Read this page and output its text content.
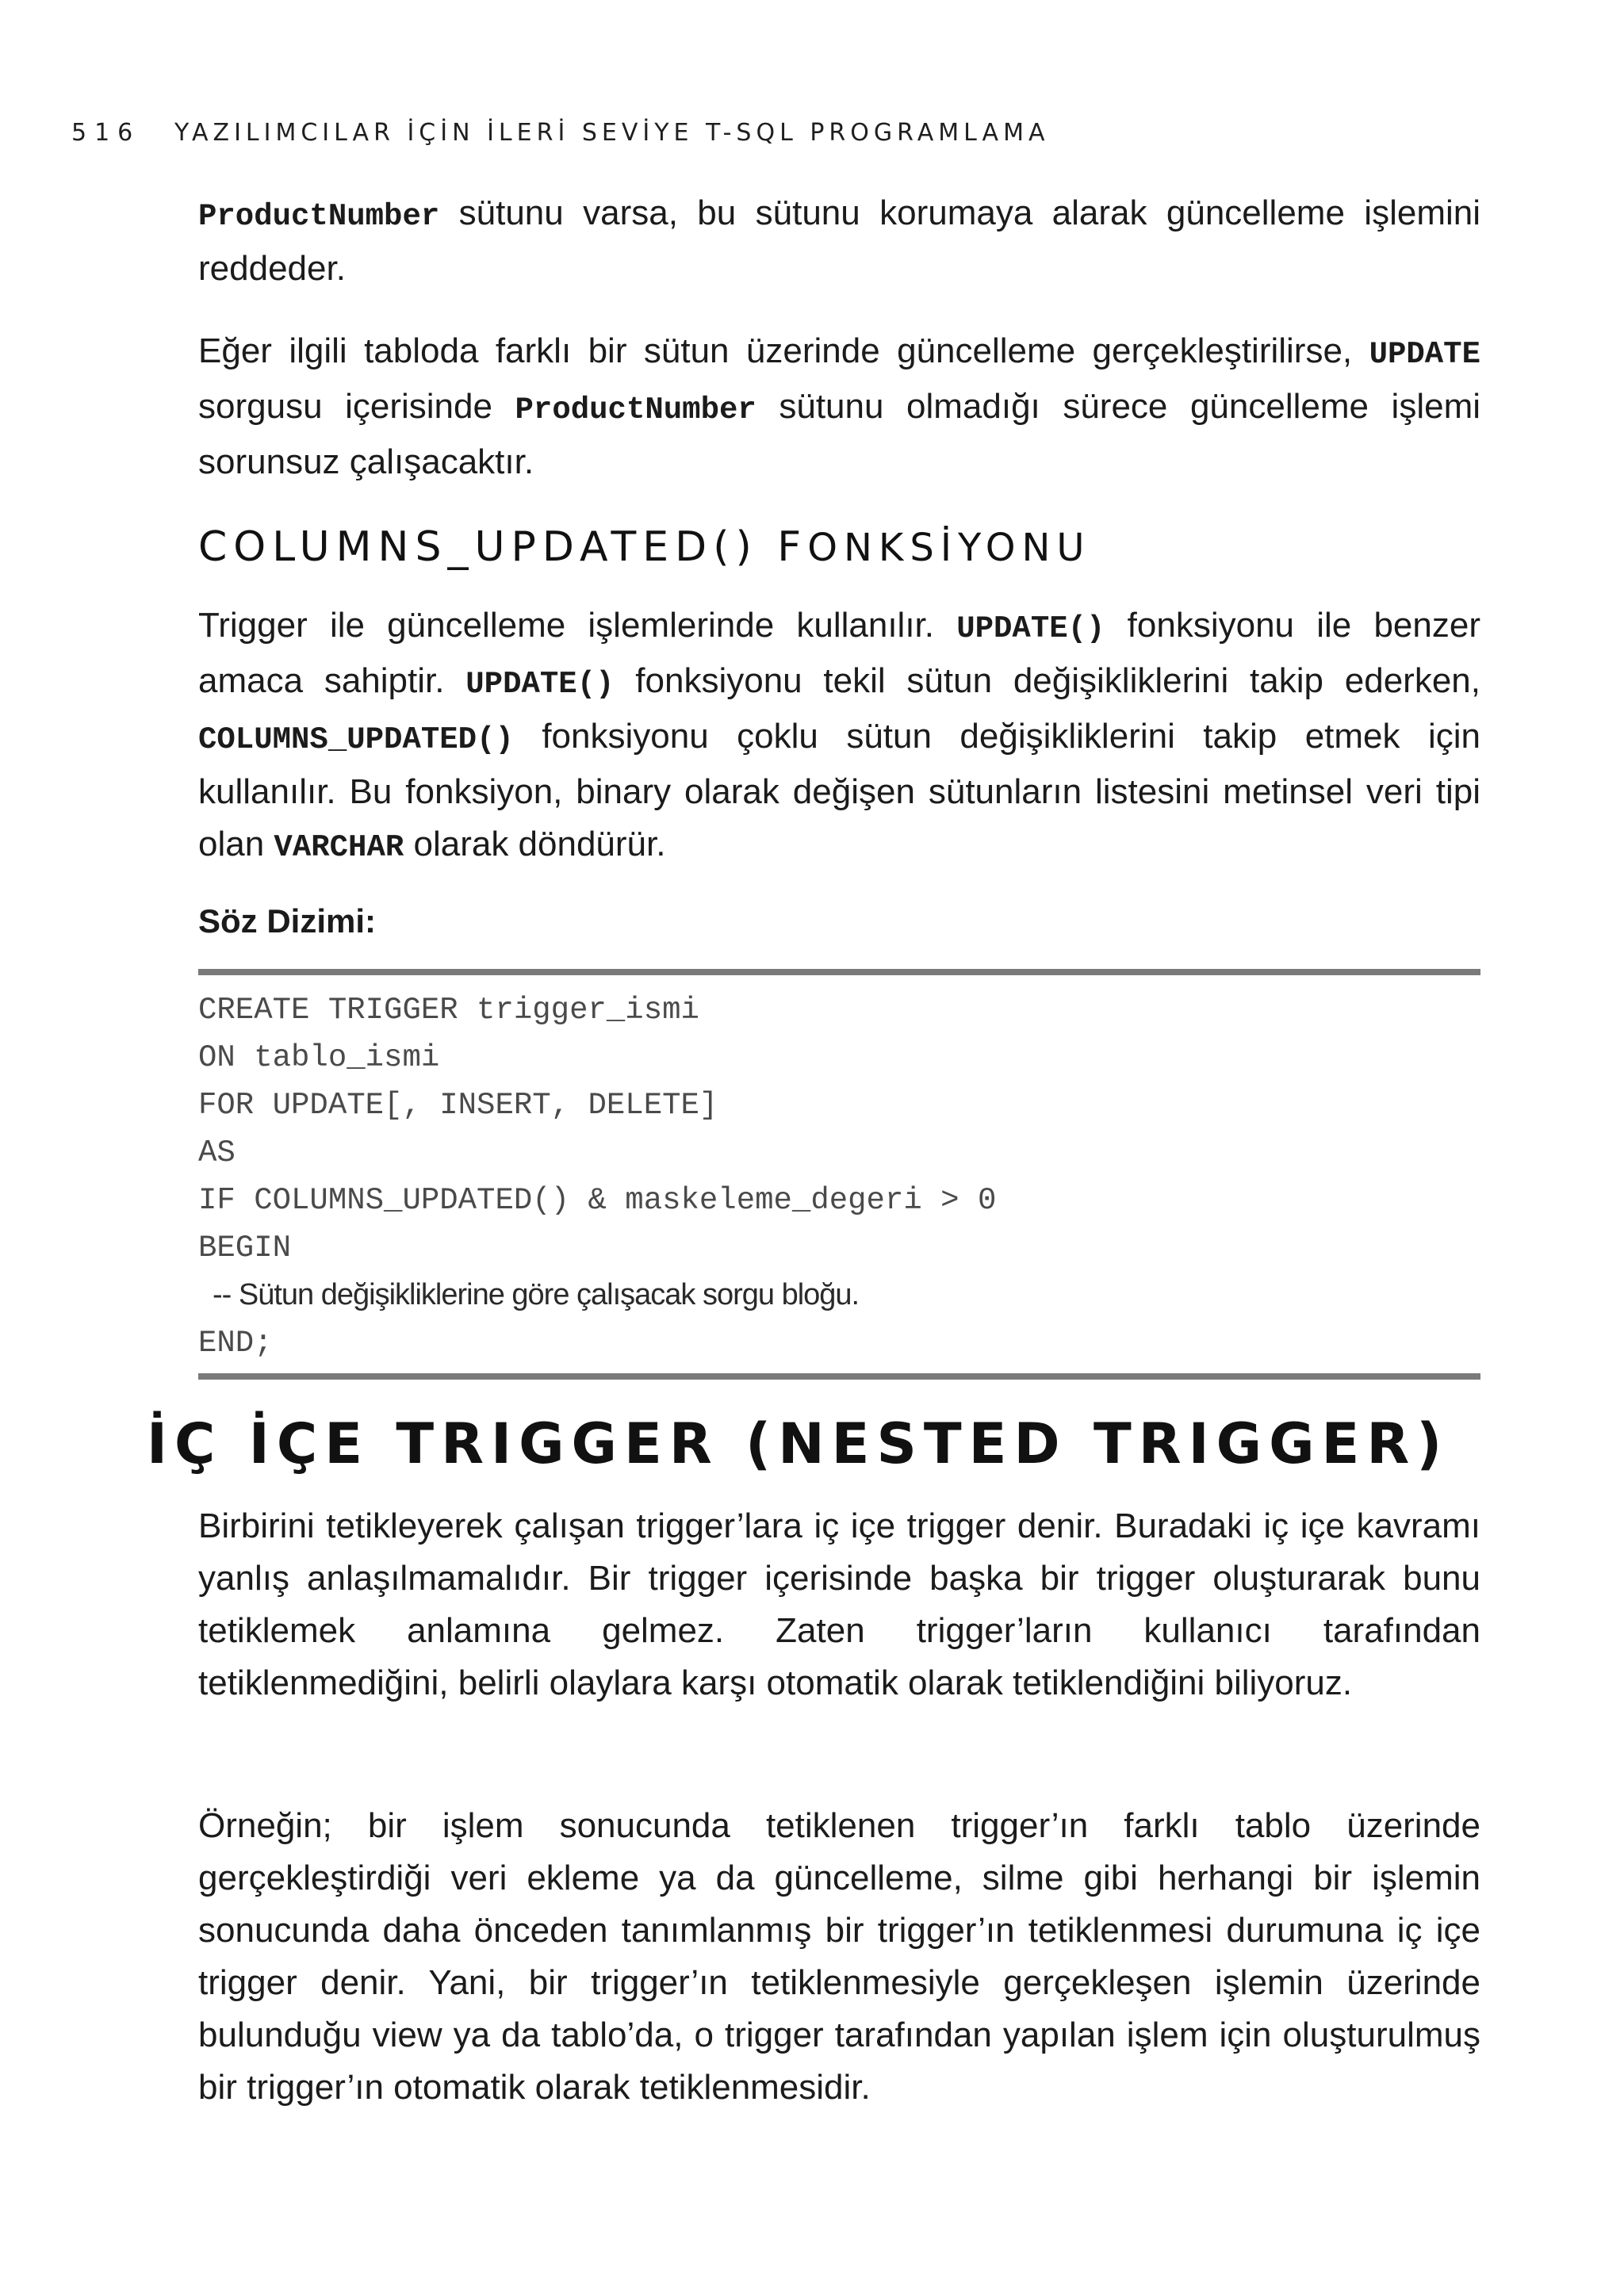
516 YAZILIMCILAR İÇİN İLERİ SEVİYE T-SQL PROGRAMLAMA

ProductNumber sütunu varsa, bu sütunu korumaya alarak güncelleme işlemini reddeder.

Eğer ilgili tabloda farklı bir sütun üzerinde güncelleme gerçekleştirilirse, UPDATE sorgusu içerisinde ProductNumber sütunu olmadığı sürece güncelleme işlemi sorunsuz çalışacaktır.

COLUMNS_UPDATED() FONKSİYONU

Trigger ile güncelleme işlemlerinde kullanılır. UPDATE() fonksiyonu ile benzer amaca sahiptir. UPDATE() fonksiyonu tekil sütun değişikliklerini takip ederken, COLUMNS_UPDATED() fonksiyonu çoklu sütun değişikliklerini takip etmek için kullanılır. Bu fonksiyon, binary olarak değişen sütunların listesini metinsel veri tipi olan VARCHAR olarak döndürür.

Söz Dizimi:
CREATE TRIGGER trigger_ismi
ON tablo_ismi
FOR UPDATE[, INSERT, DELETE]
AS
IF COLUMNS_UPDATED() & maskeleme_degeri > 0
BEGIN
-- Sütun değişikliklerine göre çalışacak sorgu bloğu.
END;
İÇ İÇE TRIGGER (NESTED TRIGGER)

Birbirini tetikleyerek çalışan trigger’lara iç içe trigger denir. Buradaki iç içe kavramı yanlış anlaşılmamalıdır. Bir trigger içerisinde başka bir trigger oluşturarak bunu tetiklemek anlamına gelmez. Zaten trigger’ların kullanıcı tarafından tetiklenmediğini, belirli olaylara karşı otomatik olarak tetiklendiğini biliyoruz.

Örneğin; bir işlem sonucunda tetiklenen trigger’ın farklı tablo üzerinde gerçekleştirdiği veri ekleme ya da güncelleme, silme gibi herhangi bir işlemin sonucunda daha önceden tanımlanmış bir trigger’ın tetiklenmesi durumuna iç içe trigger denir. Yani, bir trigger’ın tetiklenmesiyle gerçekleşen işlemin üzerinde bulunduğu view ya da tablo’da, o trigger tarafından yapılan işlem için oluşturulmuş bir trigger’ın otomatik olarak tetiklenmesidir.
